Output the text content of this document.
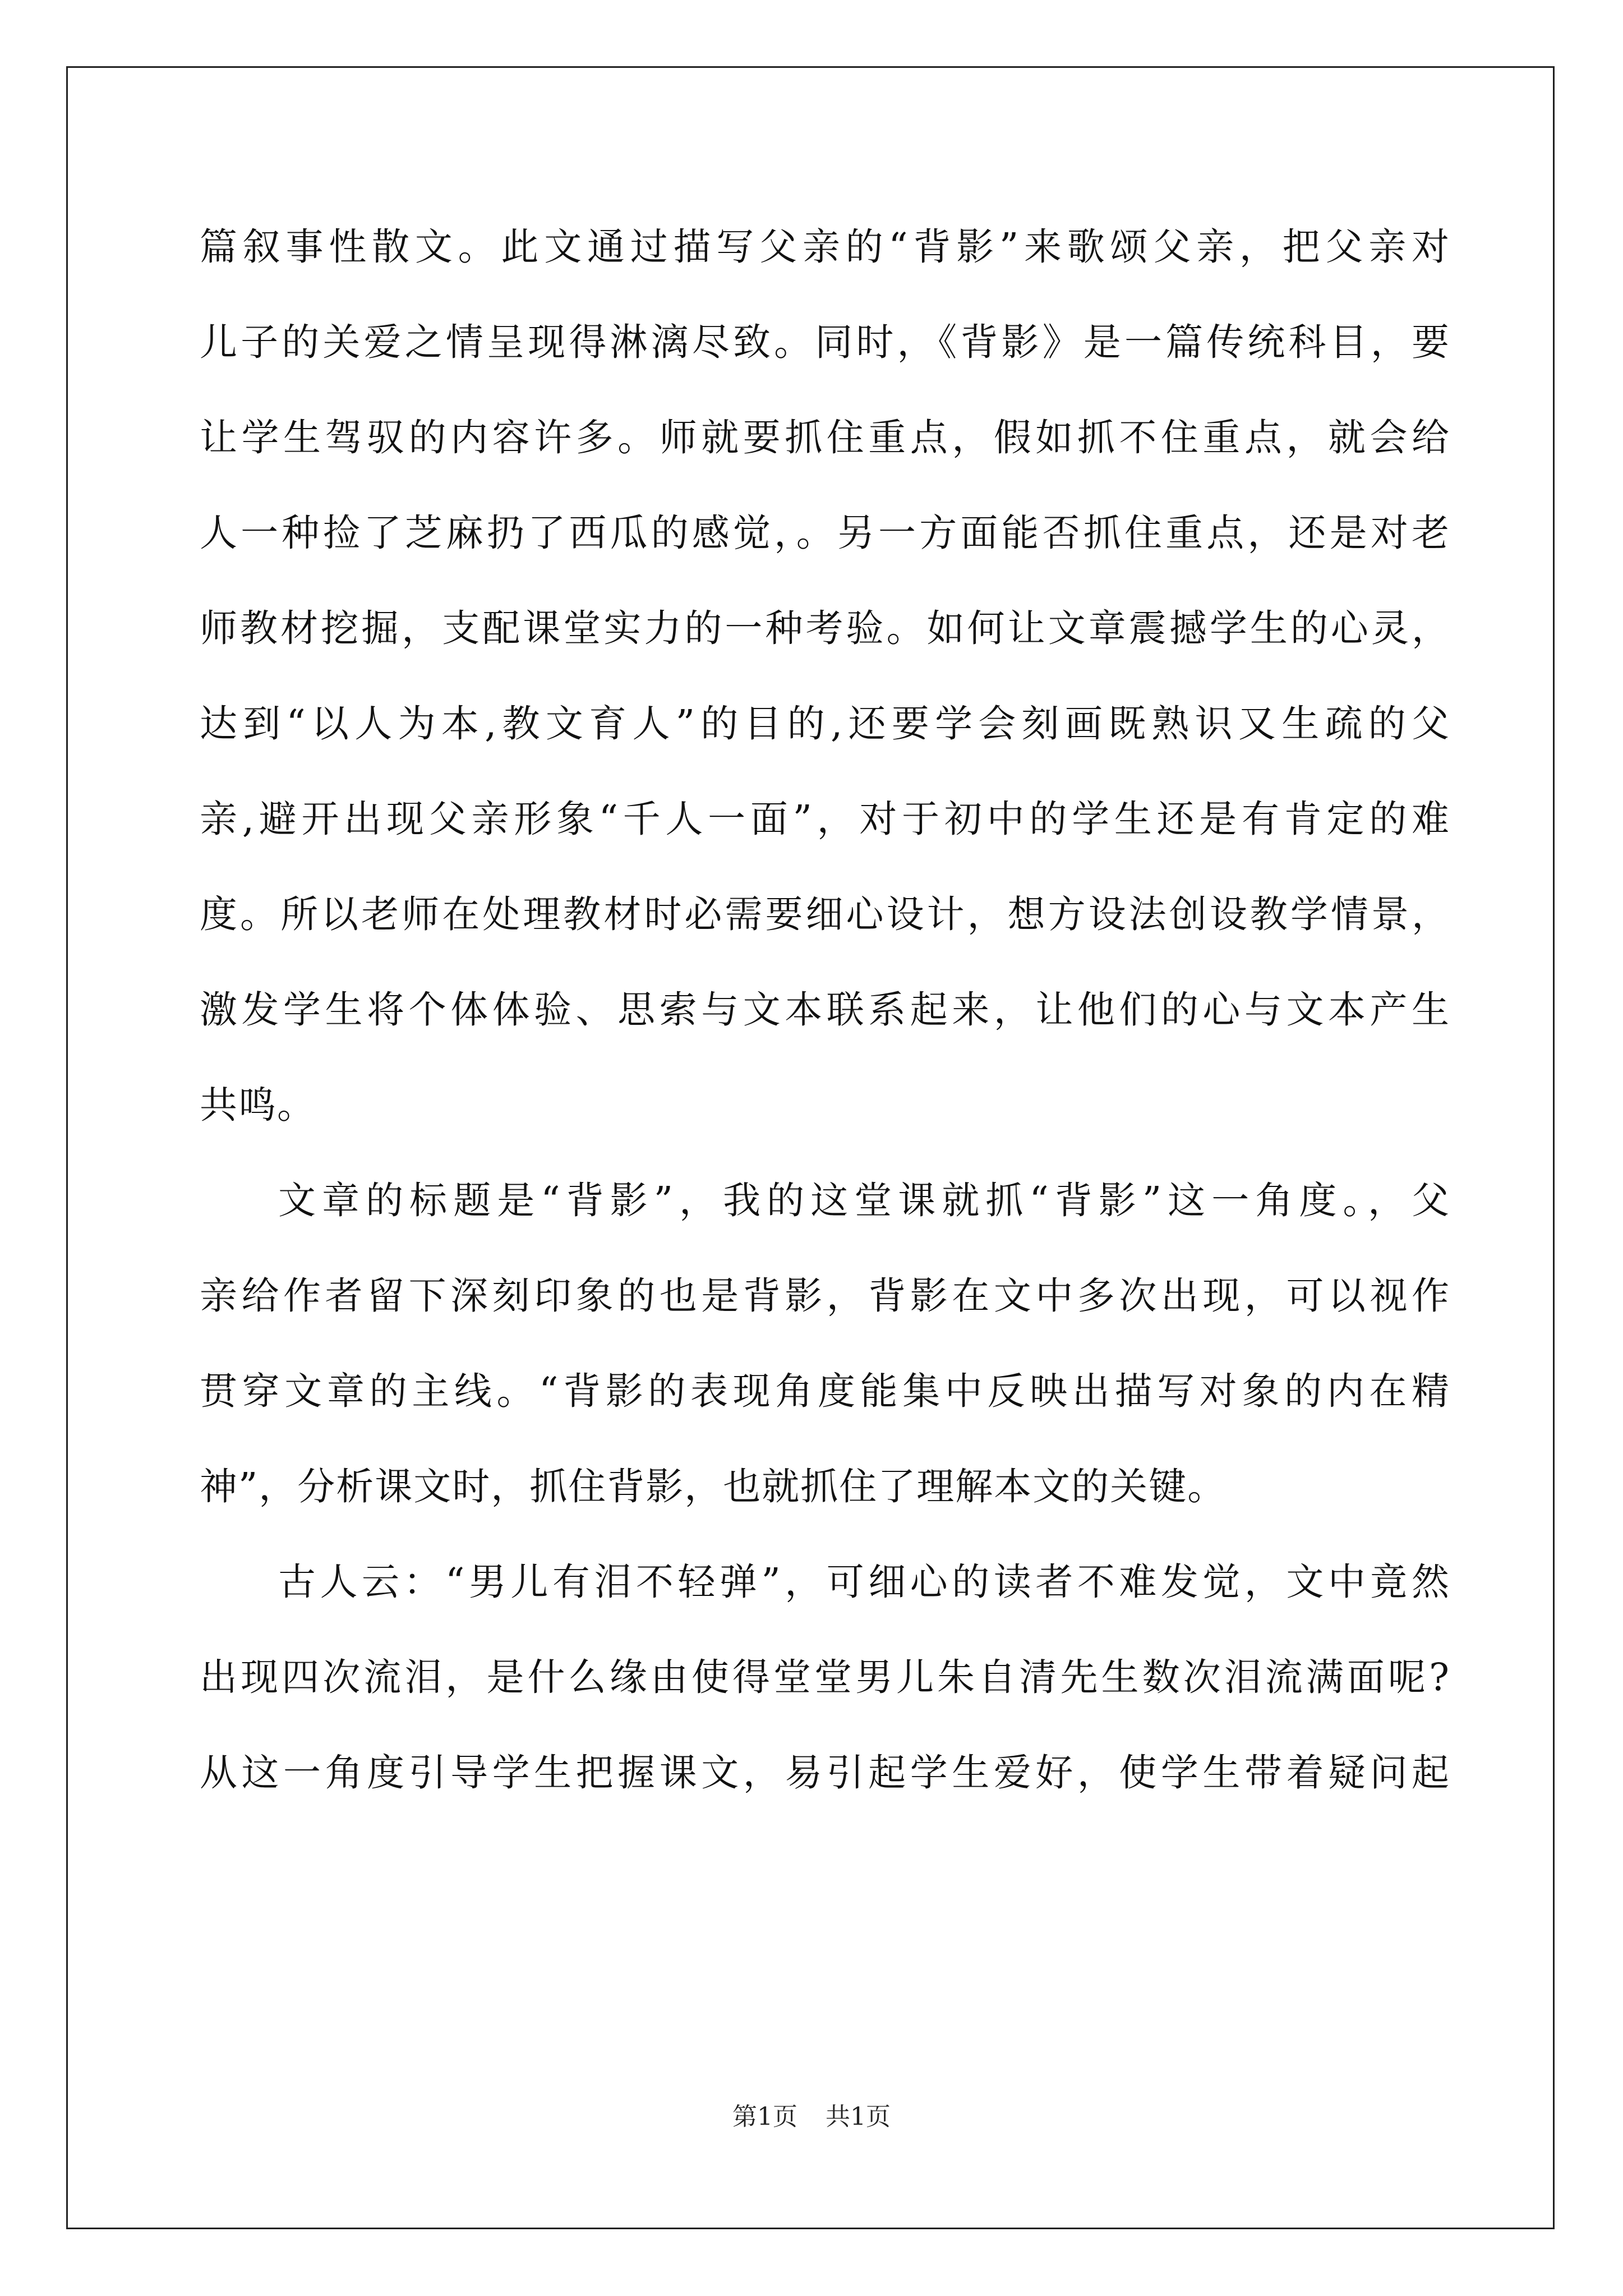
篇叙事性散文。此文通过描写父亲的“背影”来歌颂父亲，把父亲对
儿子的关爱之情呈现得淋漓尽致。同时，《背影》是一篇传统科目，要
让学生驾驭的内容许多。师就要抓住重点，假如抓不住重点，就会给
人一种捡了芝麻扔了西瓜的感觉，。另一方面能否抓住重点，还是对老
师教材挖掘，支配课堂实力的一种考验。如何让文章震撼学生的心灵，
达到“以人为本,教文育人”的目的,还要学会刻画既熟识又生疏的父
亲,避开出现父亲形象“千人一面”，对于初中的学生还是有肯定的难
度。所以老师在处理教材时必需要细心设计，想方设法创设教学情景，
激发学生将个体体验、思索与文本联系起来，让他们的心与文本产生
共鸣。
文章的标题是“背影”，我的这堂课就抓“背影”这一角度。，父
亲给作者留下深刻印象的也是背影，背影在文中多次出现，可以视作
贯穿文章的主线。“背影的表现角度能集中反映出描写对象的内在精
神”，分析课文时，抓住背影，也就抓住了理解本文的关键。
古人云：“男儿有泪不轻弹”，可细心的读者不难发觉，文中竟然
出现四次流泪，是什么缘由使得堂堂男儿朱自清先生数次泪流满面呢?
从这一角度引导学生把握课文，易引起学生爱好，使学生带着疑问起
第1页 共1页
